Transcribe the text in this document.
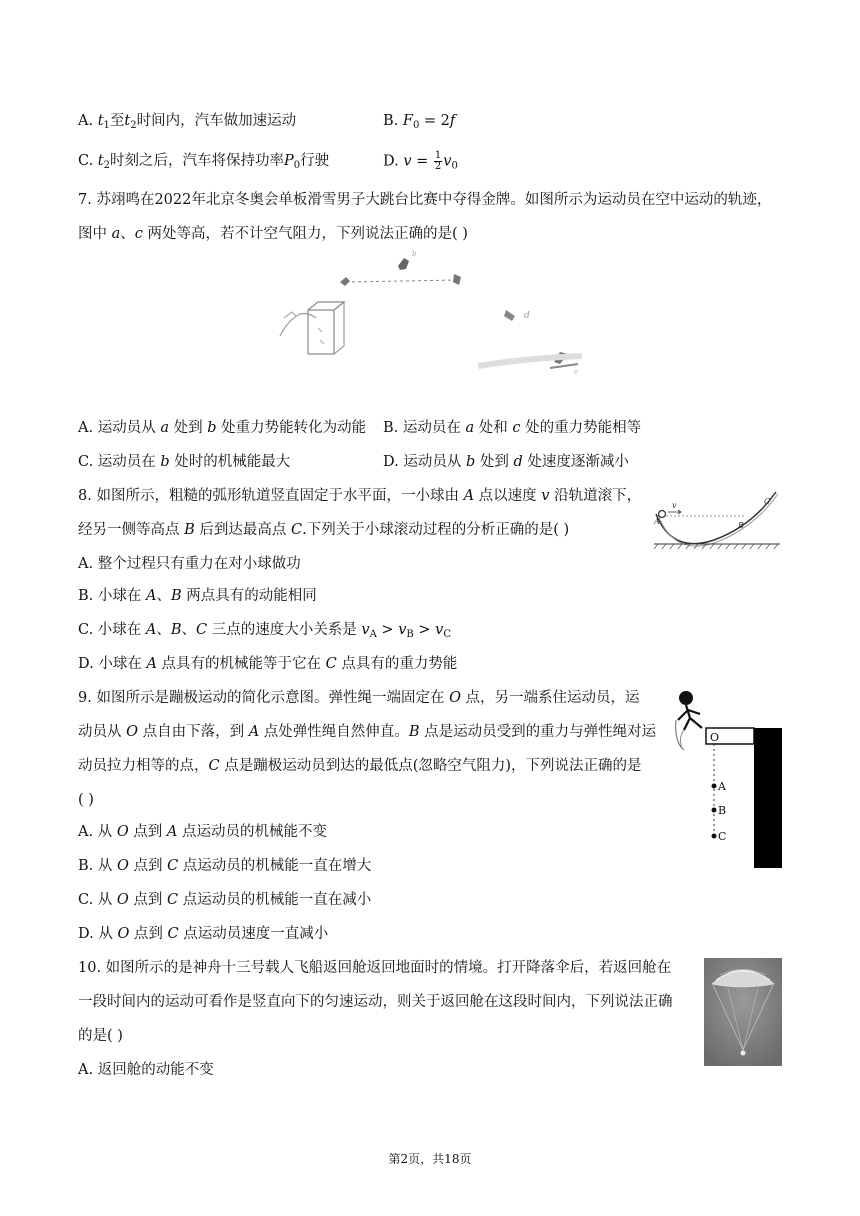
A. $t_1$至$t_2$时间内，汽车做加速运动	B. $F_0 = 2f$
C. $t_2$时刻之后，汽车将保持功率$P_0$行驶	D. $v = \frac{1}{2} v_0$
7. 苏翊鸣在2022年北京冬奥会单板滑雪男子大跳台比赛中夺得金牌。如图所示为运动员在空中运动的轨迹，
图中 a、c 两处等高，若不计空气阻力，下列说法正确的是( )
b
d
e
A. 运动员从 a 处到 b 处重力势能转化为动能 B. 运动员在 a 处和 c 处的重力势能相等
C. 运动员在 b 处时的机械能最大	D. 运动员从 b 处到 d 处速度逐渐减小
8. 如图所示，粗糙的弧形轨道竖直固定于水平面，一小球由 A 点以速度 v 沿轨道滚下，
经另一侧等高点 B 后到达最高点 C.下列关于小球滚动过程的分析正确的是( )
A
v
B
C
A. 整个过程只有重力在对小球做功
B. 小球在 A、B 两点具有的动能相同
C. 小球在 A、B、C 三点的速度大小关系是 $v_A > v_B > v_C$
D. 小球在 A 点具有的机械能等于它在 C 点具有的重力势能
9. 如图所示是蹦极运动的简化示意图。弹性绳一端固定在 O 点，另一端系住运动员，运
动员从 O 点自由下落，到 A 点处弹性绳自然伸直。B 点是运动员受到的重力与弹性绳对运
动员拉力相等的点，C 点是蹦极运动员到达的最低点(忽略空气阻力)，下列说法正确的是
( )
O
A
B
C
A. 从 O 点到 A 点运动员的机械能不变
B. 从 O 点到 C 点运动员的机械能一直在增大
C. 从 O 点到 C 点运动员的机械能一直在减小
D. 从 O 点到 C 点运动员速度一直减小
10. 如图所示的是神舟十三号载人飞船返回舱返回地面时的情境。打开降落伞后，若返回舱在
一段时间内的运动可看作是竖直向下的匀速运动，则关于返回舱在这段时间内，下列说法正确
的是( )
A. 返回舱的动能不变
第2页，共18页
